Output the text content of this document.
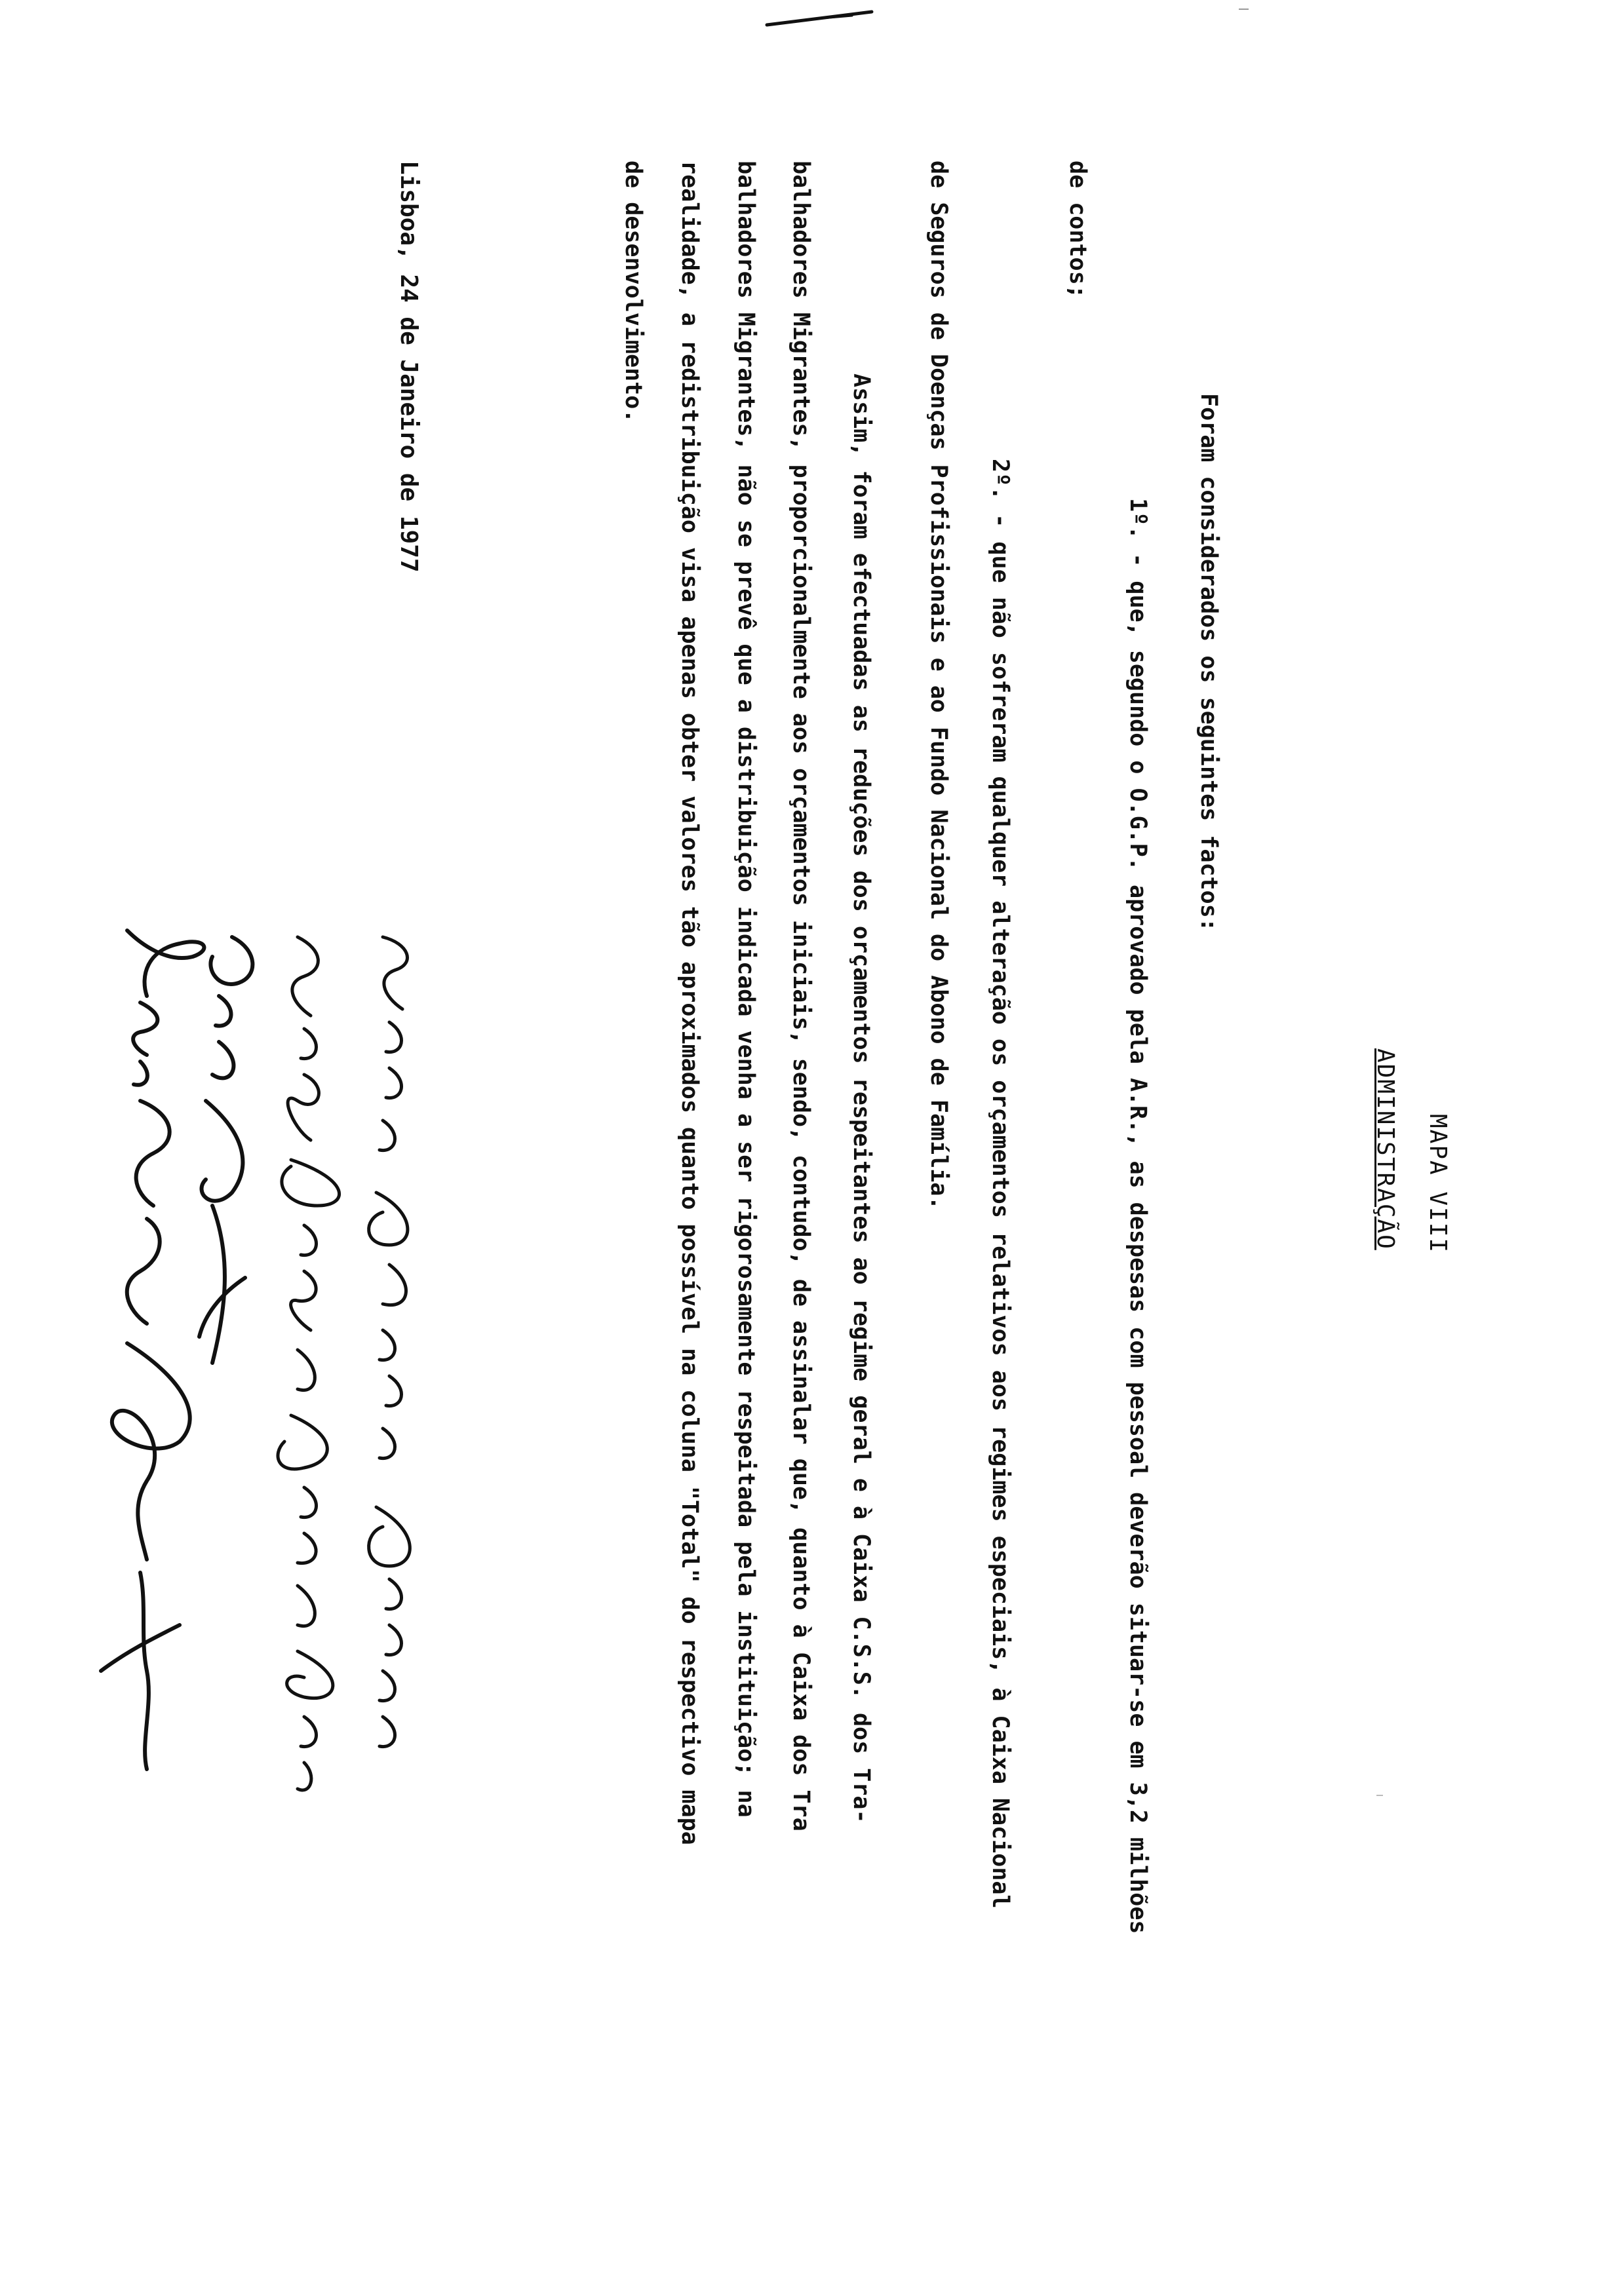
MAPA VIII
ADMINISTRAÇÃO
Foram considerados os seguintes factos:
1º. - que, segundo o O.G.P. aprovado pela A.R., as despesas com pessoal deverão situar-se em 3,2 milhões
de contos;
2º. - que não sofreram qualquer alteração os orçamentos relativos aos regimes especiais, à Caixa Nacional
de Seguros de Doenças Profissionais e ao Fundo Nacional do Abono de Família.
Assim, foram efectuadas as reduções dos orçamentos respeitantes ao regime geral e à Caixa C.S.S. dos Tra-
balhadores Migrantes, proporcionalmente aos orçamentos iniciais, sendo, contudo, de assinalar que, quanto à Caixa dos Tra
balhadores Migrantes, não se prevê que a distribuição indicada venha a ser rigorosamente respeitada pela instituição; na
realidade, a redistribuição visa apenas obter valores tão aproximados quanto possível na coluna "Total" do respectivo mapa
de desenvolvimento.
Lisboa, 24 de Janeiro de 1977
